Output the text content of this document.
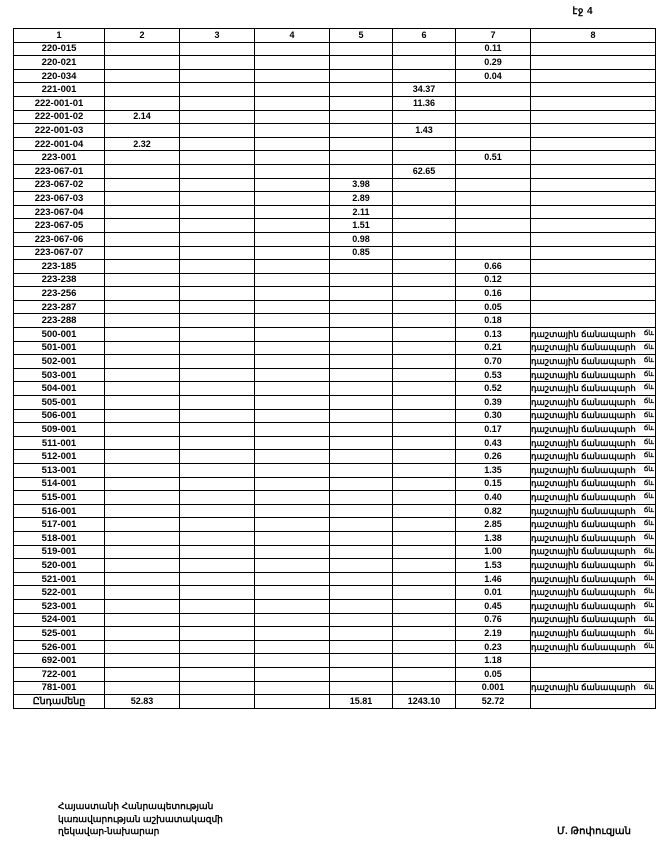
էջ 4
1	2	3	4	5	6	7	8
220-015						0.11	
220-021						0.29	
220-034						0.04	
221-001					34.37		
222-001-01					11.36		
222-001-02	2.14						
222-001-03					1.43		
222-001-04	2.32						
223-001						0.51	
223-067-01					62.65		
223-067-02				3.98			
223-067-03				2.89			
223-067-04				2.11			
223-067-05				1.51			
223-067-06				0.98			
223-067-07				0.85			
223-185						0.66	
223-238						0.12	
223-256						0.16	
223-287						0.05	
223-288						0.18	
500-001						0.13	դաշտային ճանապարհ ճև

501-001						0.21	դաշտային ճանապարհ ճև

502-001						0.70	դաշտային ճանապարհ ճև

503-001						0.53	դաշտային ճանապարհ ճև

504-001						0.52	դաշտային ճանապարհ ճև

505-001						0.39	դաշտային ճանապարհ ճև

506-001						0.30	դաշտային ճանապարհ ճև

509-001						0.17	դաշտային ճանապարհ ճև

511-001						0.43	դաշտային ճանապարհ ճև

512-001						0.26	դաշտային ճանապարհ ճև

513-001						1.35	դաշտային ճանապարհ ճև

514-001						0.15	դաշտային ճանապարհ ճև

515-001						0.40	դաշտային ճանապարհ ճև

516-001						0.82	դաշտային ճանապարհ ճև

517-001						2.85	դաշտային ճանապարհ ճև

518-001						1.38	դաշտային ճանապարհ ճև

519-001						1.00	դաշտային ճանապարհ ճև

520-001						1.53	դաշտային ճանապարհ ճև

521-001						1.46	դաշտային ճանապարհ ճև

522-001						0.01	դաշտային ճանապարհ ճև

523-001						0.45	դաշտային ճանապարհ ճև

524-001						0.76	դաշտային ճանապարհ ճև

525-001						2.19	դաշտային ճանապարհ ճև

526-001						0.23	դաշտային ճանապարհ ճև

692-001						1.18	
722-001						0.05	
781-001						0.001	դաշտային ճանապարհ ճև

Ընդամենը	52.83			15.81	1243.10	52.72	
Հայաստանի Հանրապետության
կառավարության աշխատակազմի
ղեկավար-նախարար	Մ. Թոփուզյան
